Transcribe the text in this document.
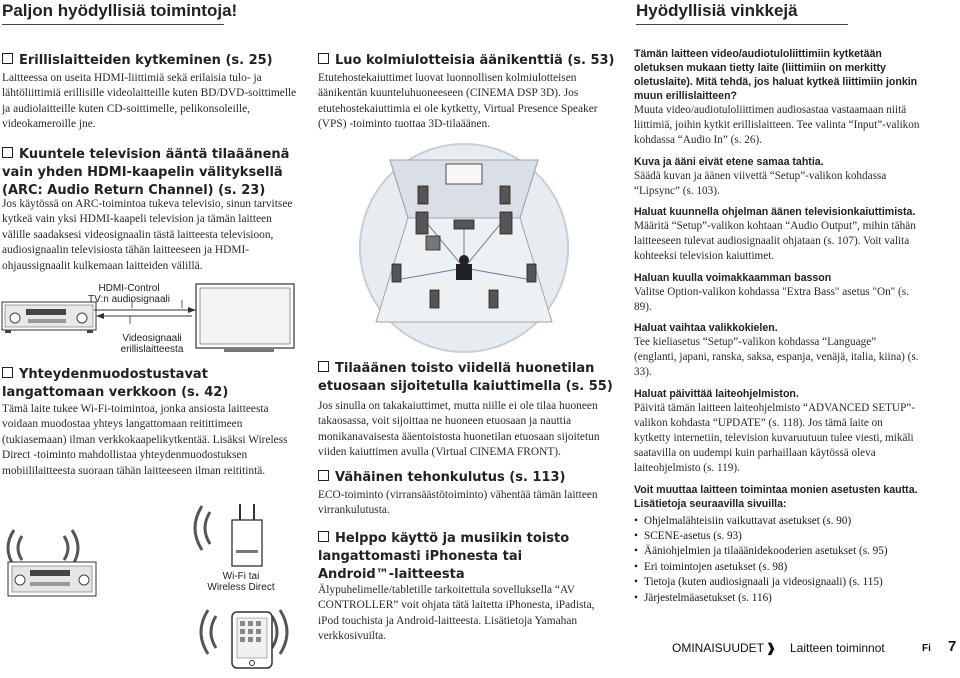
Paljon hyödyllisiä toimintoja!	Hyödyllisiä vinkkejä
Erillislaitteiden kytkeminen (s. 25)
Laitteessa on useita HDMI-liittimiä sekä erilaisia tulo- ja lähtöliittimiä erillisille videolaitteille kuten BD/DVD-soittimelle ja audiolaitteille kuten CD-soittimelle, pelikonsoleille, videokameroille jne.
Kuuntele television ääntä tilaäänenä vain yhden HDMI-kaapelin välityksellä (ARC: Audio Return Channel) (s. 23)
Jos käytössä on ARC-toimintoa tukeva televisio, sinun tarvitsee kytkeä vain yksi HDMI-kaapeli television ja tämän laitteen välille saadaksesi videosignaalin tästä laitteesta televisioon, audiosignaalin televisiosta tähän laitteeseen ja HDMI-ohjaussignaalit kulkemaan laitteiden välillä.
HDMI-Control
TV:n audiosignaali
Videosignaali
erillislaitteesta
Yhteydenmuodostustavat langattomaan verkkoon (s. 42)
Tämä laite tukee Wi-Fi-toimintoa, jonka ansiosta laitteesta voidaan muodostaa yhteys langattomaan reitittimeen (tukiasemaan) ilman verkkokaapelikytkentää. Lisäksi Wireless Direct -toiminto mahdollistaa yhteydenmuodostuksen mobiililaitteesta suoraan tähän laitteeseen ilman reititintä.
Wi-Fi tai
Wireless Direct
Luo kolmiulotteisia äänikenttiä (s. 53)
Etutehostekaiuttimet luovat luonnollisen kolmiulotteisen äänikentän kuunteluhuoneeseen (CINEMA DSP 3D). Jos etutehostekaiuttimia ei ole kytketty, Virtual Presence Speaker (VPS) -toiminto tuottaa 3D-tilaäänen.
Tilaäänen toisto viidellä huonetilan etuosaan sijoitetulla kaiuttimella (s. 55)
Jos sinulla on takakaiuttimet, mutta niille ei ole tilaa huoneen takaosassa, voit sijoittaa ne huoneen etuosaan ja nauttia monikanavaisesta ääentoistosta huonetilan etuosaan sijoitetun viiden kaiuttimen avulla (Virtual CINEMA FRONT).
Vähäinen tehonkulutus (s. 113)
ECO-toiminto (virransäästötoiminto) vähentää tämän laitteen virrankulutusta.
Helppo käyttö ja musiikin toisto langattomasti iPhonesta tai Android™-laitteesta
Älypuhelimelle/tabletille tarkoitettula sovelluksella “AV CONTROLLER” voit ohjata tätä laitetta iPhonesta, iPadista, iPod touchista ja Android-laitteesta. Lisätietoja Yamahan verkkosivuilta.
Tämän laitteen video/audiotuloliittimiin kytketään oletuksen mukaan tietty laite (liittimiin on merkitty oletuslaite). Mitä tehdä, jos haluat kytkeä liittimiin jonkin muun erillislaitteen?
Muuta video/audiotuloliittimen audiosastaa vastaamaan niitä liittimiä, joihin kytkit erillislaitteen. Tee valinta “Input”-valikon kohdassa “Audio In” (s. 26).
Kuva ja ääni eivät etene samaa tahtia.
Säädä kuvan ja äänen viivettä “Setup”-valikon kohdassa “Lipsync” (s. 103).
Haluat kuunnella ohjelman äänen televisionkaiuttimista.
Määritä “Setup”-valikon kohtaan “Audio Output”, mihin tähän laitteeseen tulevat audiosignaalit ohjataan (s. 107). Voit valita kohteeksi television kaiuttimet.
Haluan kuulla voimakkaamman basson
Valitse Option-valikon kohdassa "Extra Bass" asetus "On" (s. 89).
Haluat vaihtaa valikkokielen.
Tee kieliasetus “Setup”-valikon kohdassa “Language” (englanti, japani, ranska, saksa, espanja, venäjä, italia, kiina) (s. 33).
Haluat päivittää laiteohjelmiston.
Päivitä tämän laitteen laiteohjelmisto “ADVANCED SETUP”-valikon kohdasta “UPDATE” (s. 118). Jos tämä laite on kytketty internetiin, television kuvaruutuun tulee viesti, mikäli saatavilla on uudempi kuin parhaillaan käytössä oleva laiteohjelmisto (s. 119).
Voit muuttaa laitteen toimintaa monien asetusten kautta. Lisätietoja seuraavilla sivuilla:
• Ohjelmalähteisiin vaikuttavat asetukset (s. 90)
• SCENE-asetus (s. 93)
• Ääniohjelmien ja tilaäänidekooderien asetukset (s. 95)
• Eri toimintojen asetukset (s. 98)
• Tietoja (kuten audiosignaali ja videosignaali) (s. 115)
• Järjestelmäasetukset (s. 116)
OMINAISUUDET ❱ Laitteen toiminnot	Fi 7
